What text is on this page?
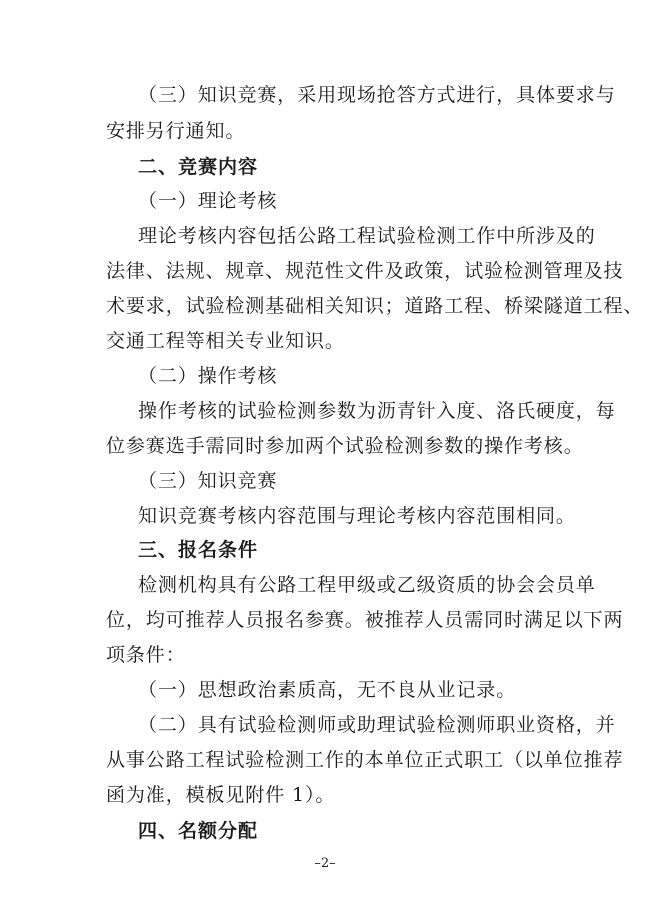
（三）知识竞赛，采用现场抢答方式进行，具体要求与
安排另行通知。
二、竞赛内容
（一）理论考核
理论考核内容包括公路工程试验检测工作中所涉及的
法律、法规、规章、规范性文件及政策，试验检测管理及技
术要求，试验检测基础相关知识；道路工程、桥梁隧道工程、
交通工程等相关专业知识。
（二）操作考核
操作考核的试验检测参数为沥青针入度、洛氏硬度，每
位参赛选手需同时参加两个试验检测参数的操作考核。
（三）知识竞赛
知识竞赛考核内容范围与理论考核内容范围相同。
三、报名条件
检测机构具有公路工程甲级或乙级资质的协会会员单
位，均可推荐人员报名参赛。被推荐人员需同时满足以下两
项条件：
（一）思想政治素质高，无不良从业记录。
（二）具有试验检测师或助理试验检测师职业资格，并
从事公路工程试验检测工作的本单位正式职工（以单位推荐
函为准，模板见附件 1）。
四、名额分配
–2–
